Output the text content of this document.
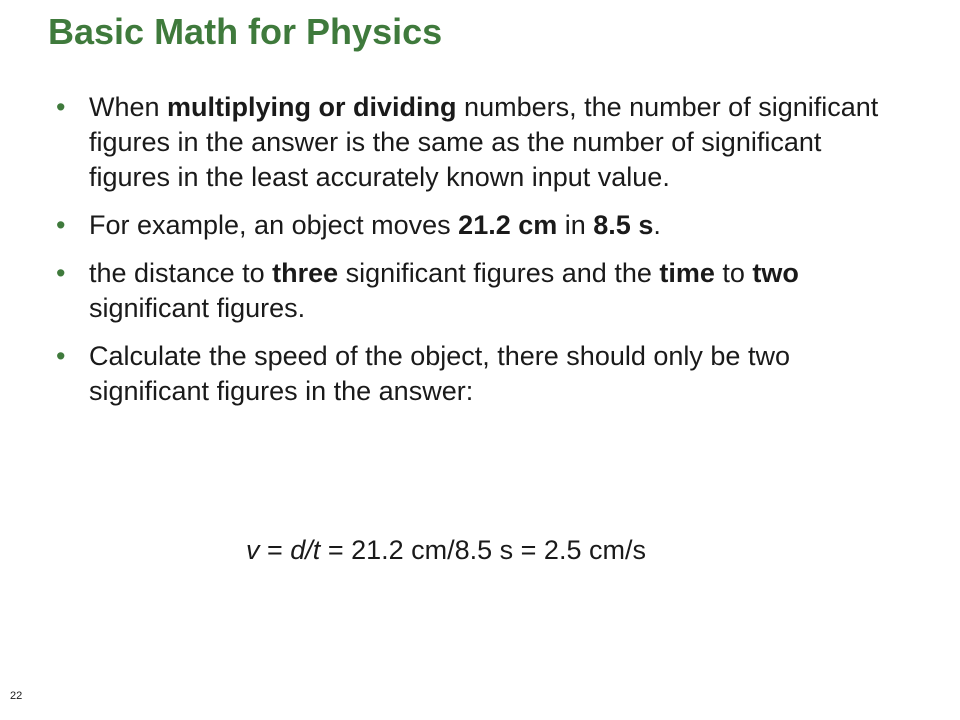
Basic Math for Physics
• When multiplying or dividing numbers, the number of significant figures in the answer is the same as the number of significant figures in the least accurately known input value.
• For example, an object moves 21.2 cm in 8.5 s.
• the distance to three significant figures and the time to two significant figures.
• Calculate the speed of the object, there should only be two significant figures in the answer:
v = d/t = 21.2 cm/8.5 s = 2.5 cm/s
22
